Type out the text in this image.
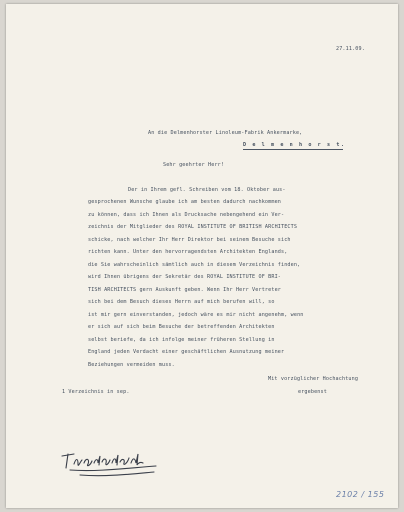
27.11.09.
An die Delmenhorster Linoleum-Fabrik Ankermarke,
D e l m e n h o r s t.
Sehr geehrter Herr!
Der in Ihrem gefl. Schreiben vom 18. Oktober aus-
gesprochenen Wunsche glaube ich am besten dadurch nachkommen
zu können, dass ich Ihnen als Drucksache nebengehend ein Ver-
zeichnis der Mitglieder des ROYAL INSTITUTE OF BRITISH ARCHITECTS
schicke, nach welcher Ihr Herr Direktor bei seinem Besuche sich
richten kann. Unter den hervorragendsten Architekten Englands,
die Sie wahrscheinlich sämtlich auch in diesem Verzeichnis finden,
wird Ihnen übrigens der Sekretär des ROYAL INSTITUTE OF BRI-
TISH ARCHITECTS gern Auskunft geben. Wenn Ihr Herr Vertreter
sich bei dem Besuch dieses Herrn auf mich berufen will, so
ist mir gern einverstanden, jedoch wäre es mir nicht angenehm, wenn
er sich auf sich beim Besuche der betreffenden Architekten
selbst beriefe, da ich infolge meiner früheren Stellung in
England jeden Verdacht einer geschäftlichen Ausnutzung meiner
Beziehungen vermeiden muss.
Mit vorzüglicher Hochachtung
ergebenst
1 Verzeichnis in sep.
2102 / 155
